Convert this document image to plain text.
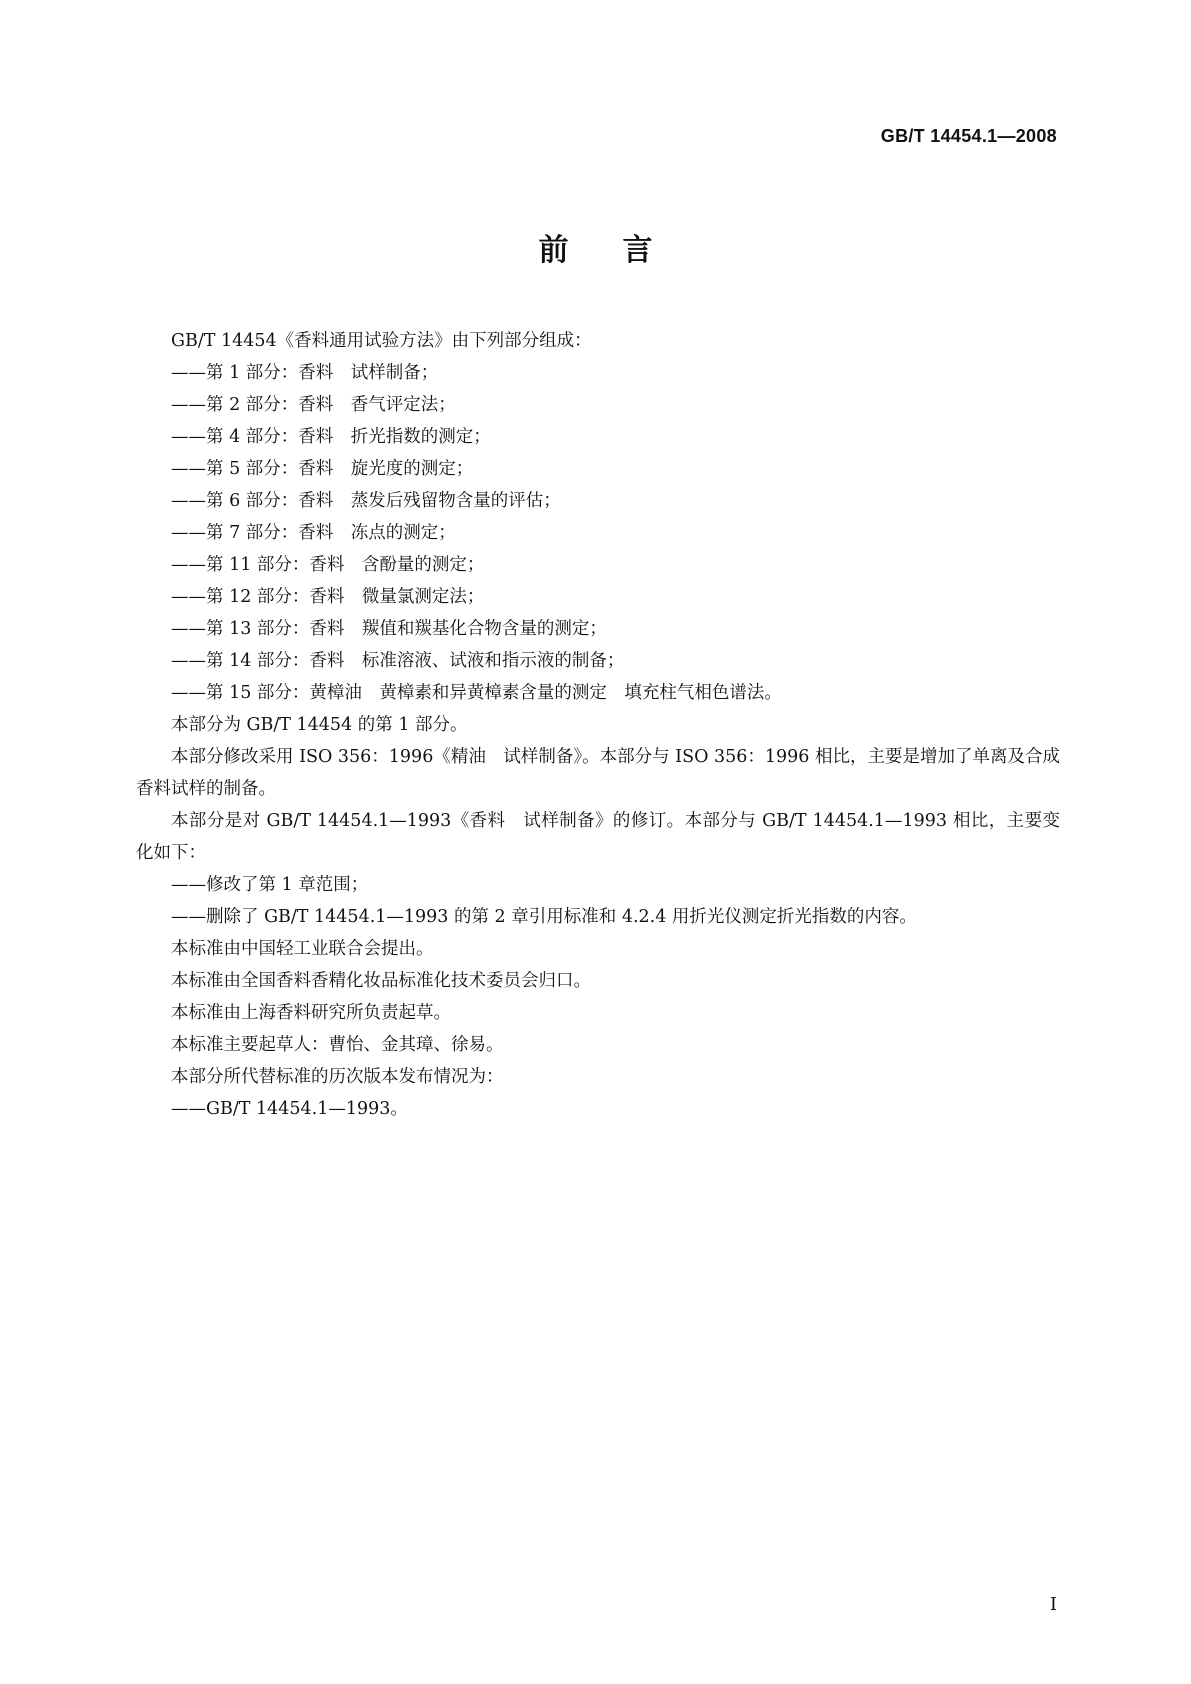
GB/T 14454.1—2008
前言

GB/T 14454《香料通用试验方法》由下列部分组成：

——第 1 部分：香料　试样制备；

——第 2 部分：香料　香气评定法；

——第 4 部分：香料　折光指数的测定；

——第 5 部分：香料　旋光度的测定；

——第 6 部分：香料　蒸发后残留物含量的评估；

——第 7 部分：香料　冻点的测定；

——第 11 部分：香料　含酚量的测定；

——第 12 部分：香料　微量氯测定法；

——第 13 部分：香料　羰值和羰基化合物含量的测定；

——第 14 部分：香料　标准溶液、试液和指示液的制备；

——第 15 部分：黄樟油　黄樟素和异黄樟素含量的测定　填充柱气相色谱法。

本部分为 GB/T 14454 的第 1 部分。

本部分修改采用 ISO 356：1996《精油　试样制备》。本部分与 ISO 356：1996 相比，主要是增加了单离及合成香料试样的制备。

本部分是对 GB/T 14454.1—1993《香料　试样制备》的修订。本部分与 GB/T 14454.1—1993 相比，主要变化如下：

——修改了第 1 章范围；

——删除了 GB/T 14454.1—1993 的第 2 章引用标准和 4.2.4 用折光仪测定折光指数的内容。

本标准由中国轻工业联合会提出。

本标准由全国香料香精化妆品标准化技术委员会归口。

本标准由上海香料研究所负责起草。

本标准主要起草人：曹怡、金其璋、徐易。

本部分所代替标准的历次版本发布情况为：

——GB/T 14454.1—1993。

I
